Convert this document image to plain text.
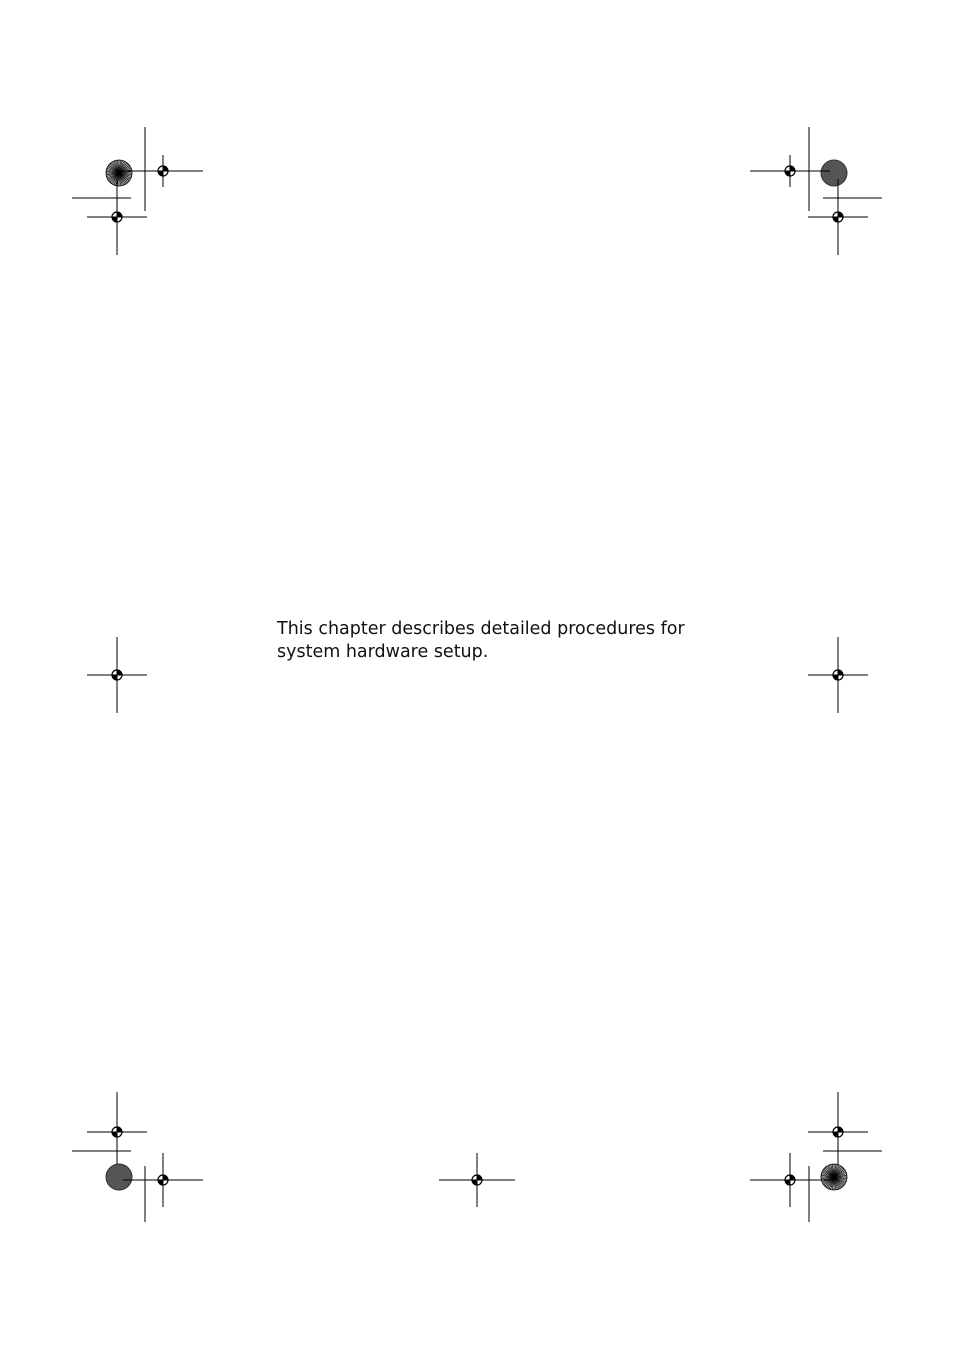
This chapter describes detailed procedures for system hardware setup.
